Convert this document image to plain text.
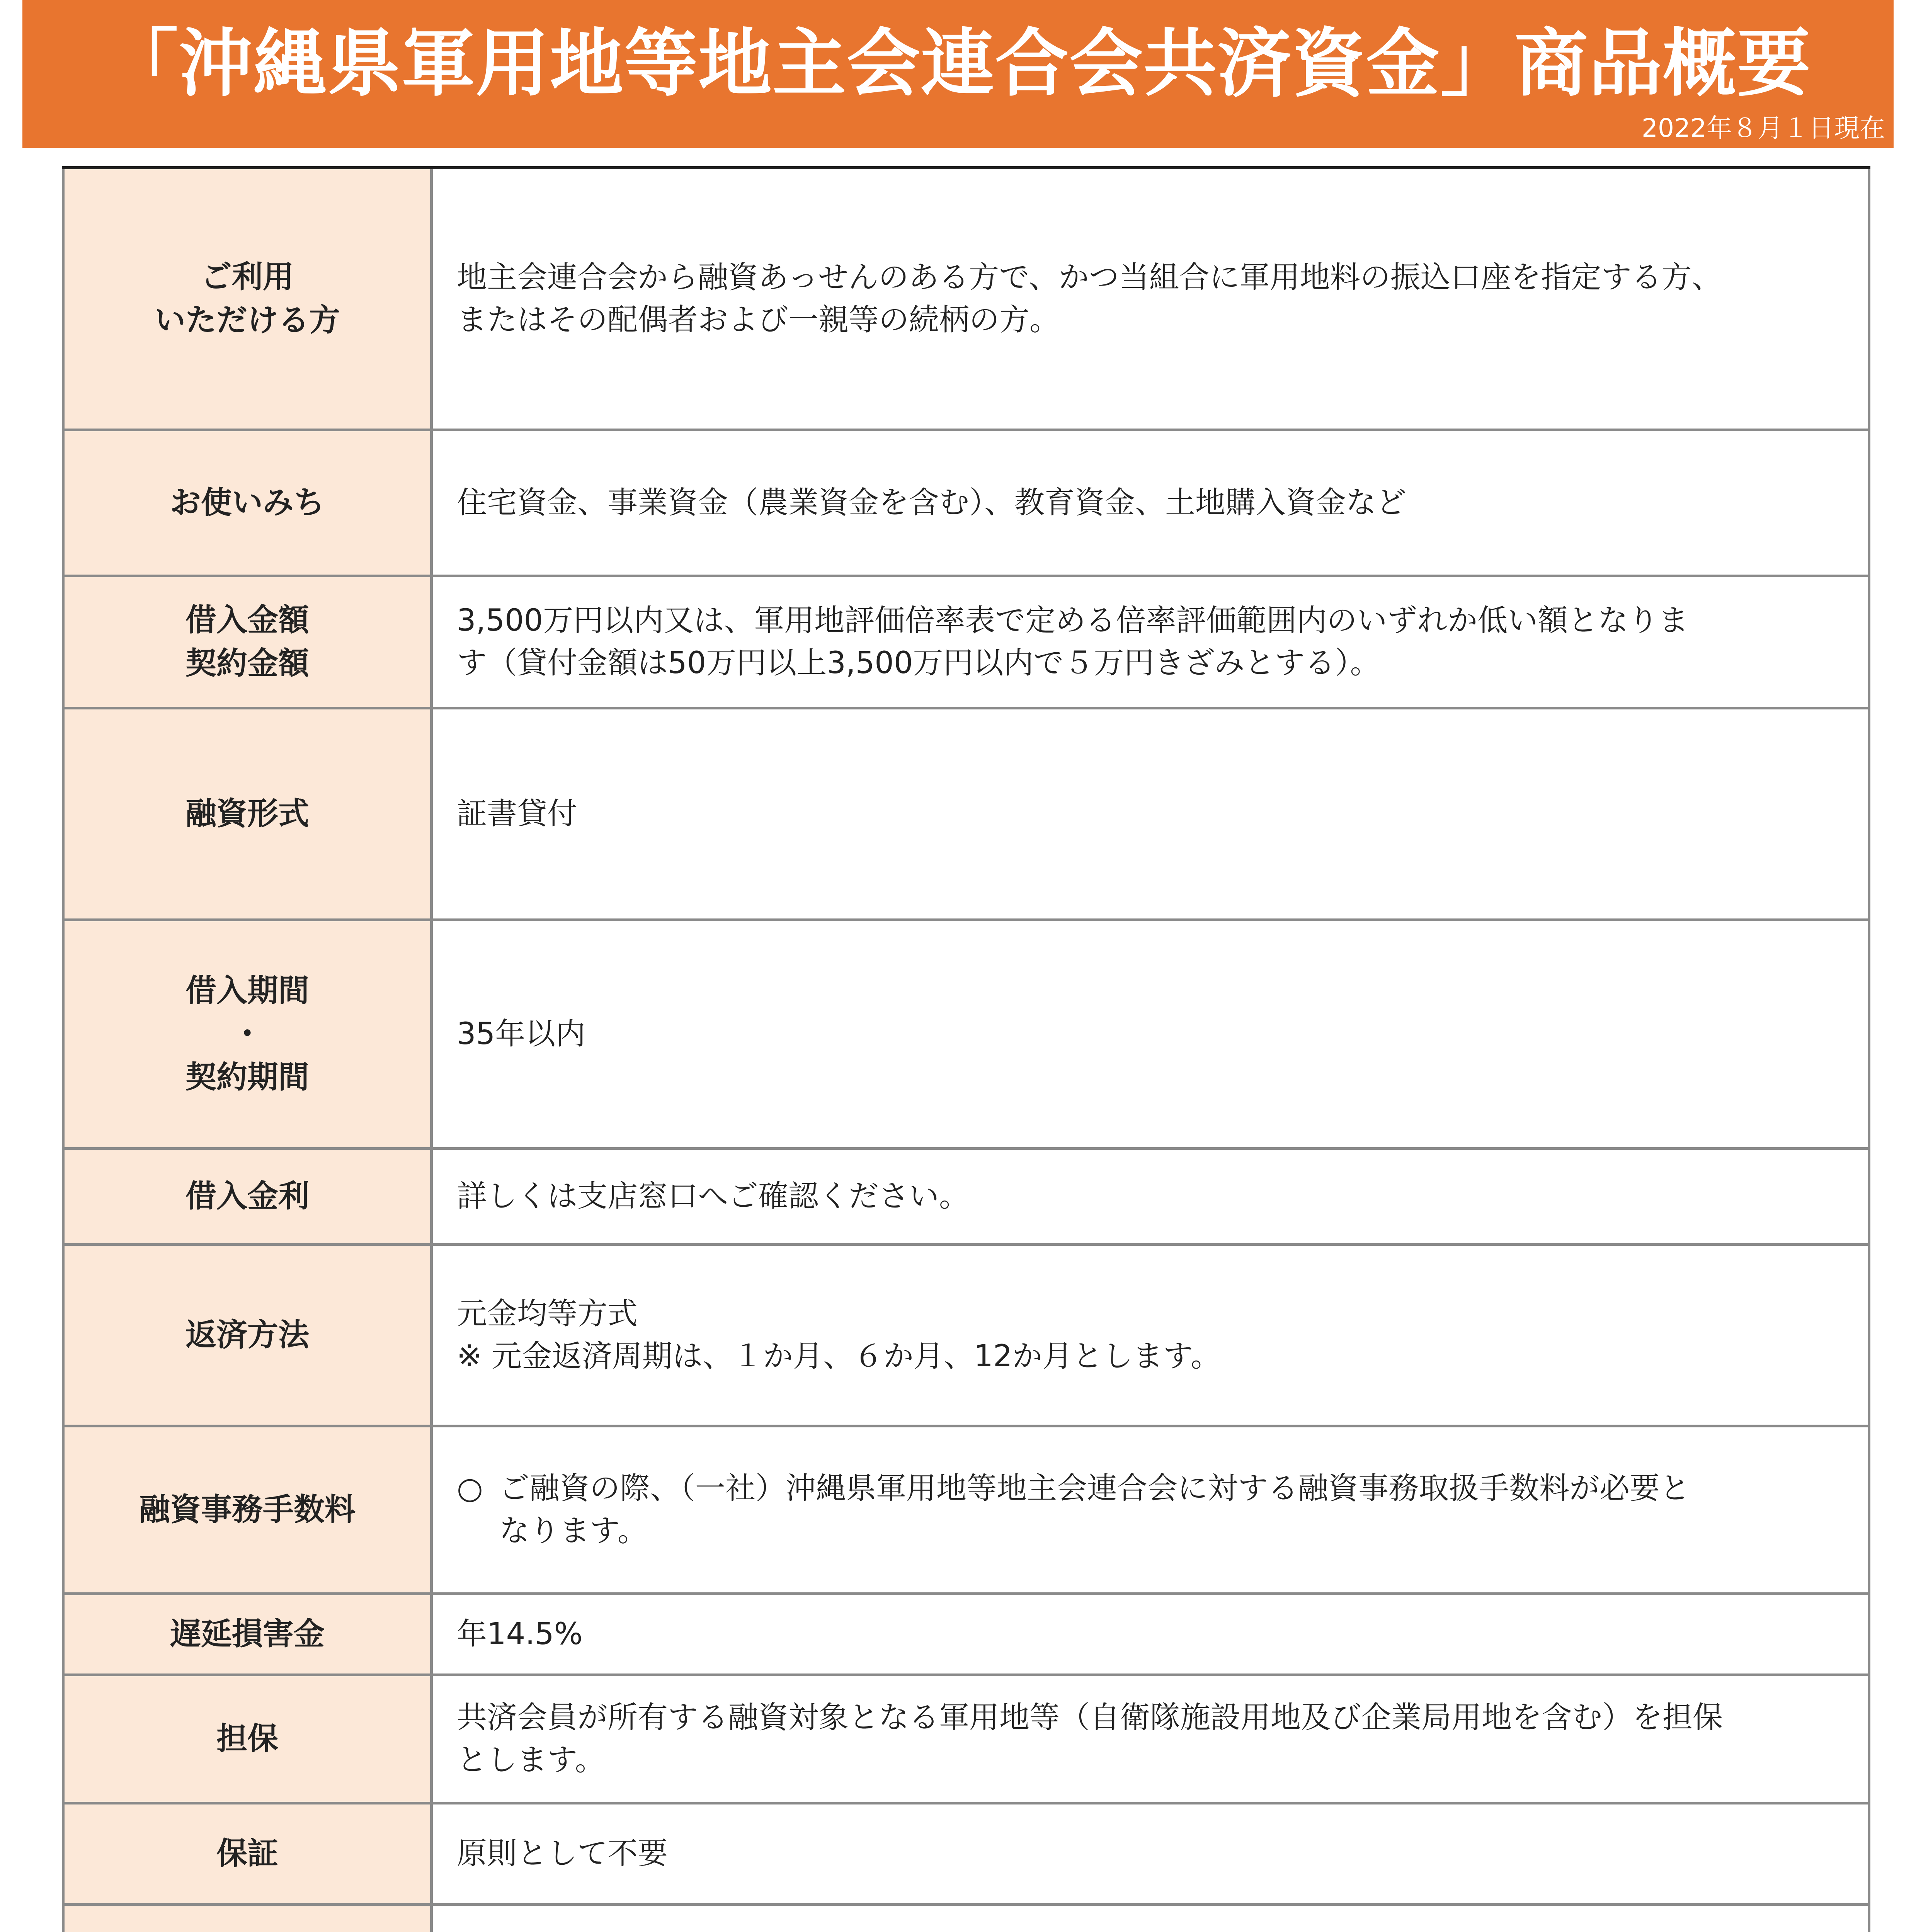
「沖縄県軍用地等地主会連合会共済資金」商品概要
2022年８月１日現在
ご利用
いただける方	地主会連合会から融資あっせんのある方で、かつ当組合に軍用地料の振込口座を指定する方、
またはその配偶者および一親等の続柄の方。
お使いみち	住宅資金、事業資金（農業資金を含む）、教育資金、土地購入資金など
借入金額
契約金額	3,500万円以内又は、軍用地評価倍率表で定める倍率評価範囲内のいずれか低い額となりま
す（貸付金額は50万円以上3,500万円以内で５万円きざみとする）。
融資形式	証書貸付
借入期間
・
契約期間	35年以内
借入金利	詳しくは支店窓口へご確認ください。
返済方法	元金均等方式
※ 元金返済周期は、１か月、６か月、12か月とします。
融資事務手数料	○ ご融資の際、（一社）沖縄県軍用地等地主会連合会に対する融資事務取扱手数料が必要と
なります。

遅延損害金	年14.5%
担保	共済会員が所有する融資対象となる軍用地等（自衛隊施設用地及び企業局用地を含む）を担保
とします。
保証	原則として不要
